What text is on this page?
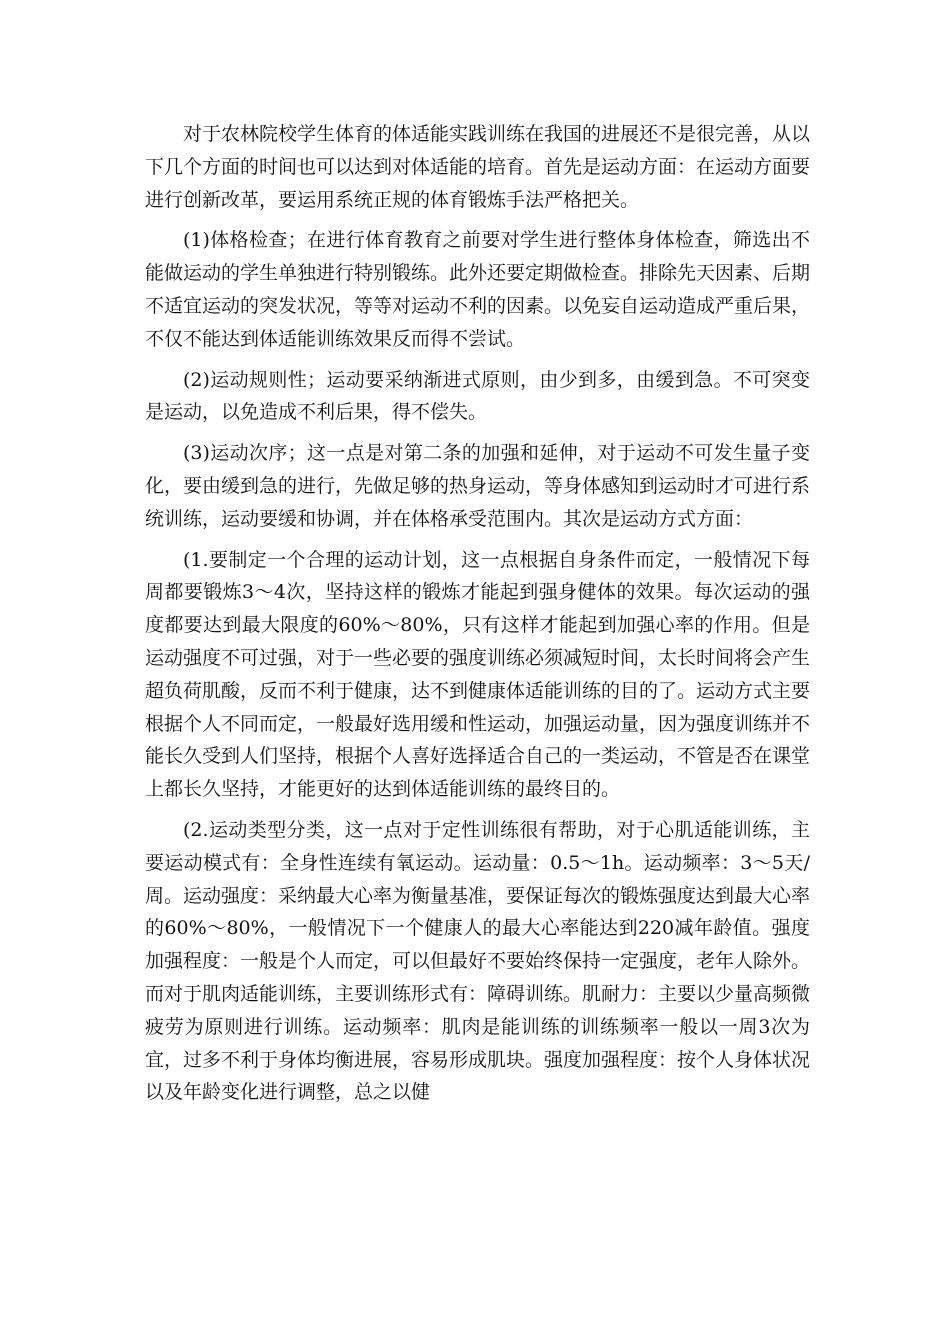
对于农林院校学生体育的体适能实践训练在我国的进展还不是很完善，从以下几个方面的时间也可以达到对体适能的培育。首先是运动方面：在运动方面要进行创新改革，要运用系统正规的体育锻炼手法严格把关。

(1)体格检查；在进行体育教育之前要对学生进行整体身体检查，筛选出不能做运动的学生单独进行特别锻练。此外还要定期做检查。排除先天因素、后期不适宜运动的突发状况，等等对运动不利的因素。以免妄自运动造成严重后果，不仅不能达到体适能训练效果反而得不尝试。

(2)运动规则性；运动要采纳渐进式原则，由少到多，由缓到急。不可突变是运动，以免造成不利后果，得不偿失。

(3)运动次序；这一点是对第二条的加强和延伸，对于运动不可发生量子变化，要由缓到急的进行，先做足够的热身运动，等身体感知到运动时才可进行系统训练，运动要缓和协调，并在体格承受范围内。其次是运动方式方面：

(1.要制定一个合理的运动计划，这一点根据自身条件而定，一般情况下每周都要锻炼3～4次，坚持这样的锻炼才能起到强身健体的效果。每次运动的强度都要达到最大限度的60%～80%，只有这样才能起到加强心率的作用。但是运动强度不可过强，对于一些必要的强度训练必须减短时间，太长时间将会产生超负荷肌酸，反而不利于健康，达不到健康体适能训练的目的了。运动方式主要根据个人不同而定，一般最好选用缓和性运动，加强运动量，因为强度训练并不能长久受到人们坚持，根据个人喜好选择适合自己的一类运动，不管是否在课堂上都长久坚持，才能更好的达到体适能训练的最终目的。

(2.运动类型分类，这一点对于定性训练很有帮助，对于心肌适能训练，主要运动模式有：全身性连续有氧运动。运动量：0.5～1h。运动频率：3～5天/周。运动强度：采纳最大心率为衡量基准，要保证每次的锻炼强度达到最大心率的60%～80%，一般情况下一个健康人的最大心率能达到220减年龄值。强度加强程度：一般是个人而定，可以但最好不要始终保持一定强度，老年人除外。而对于肌肉适能训练，主要训练形式有：障碍训练。肌耐力：主要以少量高频微疲劳为原则进行训练。运动频率：肌肉是能训练的训练频率一般以一周3次为宜，过多不利于身体均衡进展，容易形成肌块。强度加强程度：按个人身体状况以及年龄变化进行调整，总之以健
